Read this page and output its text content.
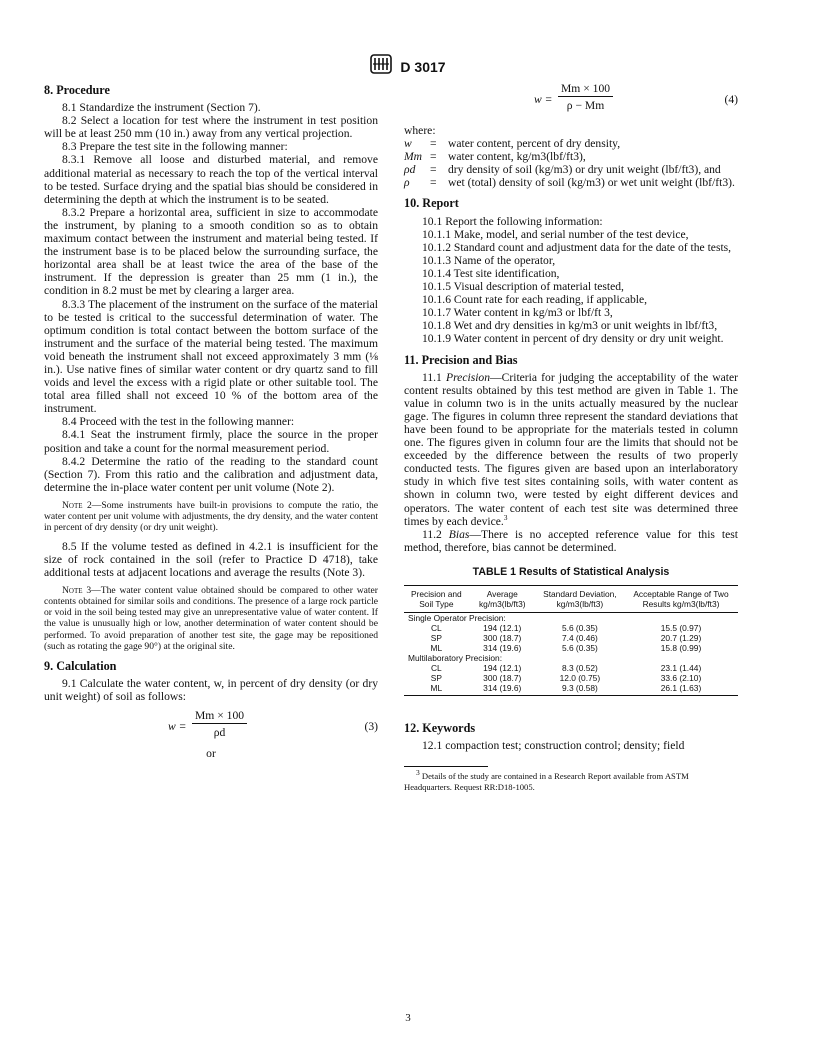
D 3017
8. Procedure

8.1 Standardize the instrument (Section 7).

8.2 Select a location for test where the instrument in test position will be at least 250 mm (10 in.) away from any vertical projection.

8.3 Prepare the test site in the following manner:

8.3.1 Remove all loose and disturbed material, and remove additional material as necessary to reach the top of the vertical interval to be tested. Surface drying and the spatial bias should be considered in determining the depth at which the instrument is to be seated.

8.3.2 Prepare a horizontal area, sufficient in size to accommodate the instrument, by planing to a smooth condition so as to obtain maximum contact between the instrument and material being tested. If the instrument base is to be placed below the surrounding surface, the horizontal area shall be at least twice the area of the base of the instrument. If the depression is greater than 25 mm (1 in.), the condition in 8.2 must be met by clearing a larger area.

8.3.3 The placement of the instrument on the surface of the material to be tested is critical to the successful determination of water. The optimum condition is total contact between the bottom surface of the instrument and the surface of the material being tested. The maximum void beneath the instrument shall not exceed approximately 3 mm (⅛ in.). Use native fines of similar water content or dry quartz sand to fill voids and level the excess with a rigid plate or other suitable tool. The total area filled shall not exceed 10 % of the bottom area of the instrument.

8.4 Proceed with the test in the following manner:

8.4.1 Seat the instrument firmly, place the source in the proper position and take a count for the normal measurement period.

8.4.2 Determine the ratio of the reading to the standard count (Section 7). From this ratio and the calibration and adjustment data, determine the in-place water content per unit volume (Note 2).

Note 2—Some instruments have built-in provisions to compute the ratio, the water content per unit volume with adjustments, the dry density, and the water content in percent of dry density (or dry unit weight).

8.5 If the volume tested as defined in 4.2.1 is insufficient for the size of rock contained in the soil (refer to Practice D 4718), take additional tests at adjacent locations and average the results (Note 3).

Note 3—The water content value obtained should be compared to other water contents obtained for similar soils and conditions. The presence of a large rock particle or void in the soil being tested may give an unrepresentative value of water content. If the value is unusually high or low, another determination of water content should be performed. To avoid preparation of another test site, the gage may be repositioned (such as rotating the gage 90°) at the original site.
9. Calculation

9.1 Calculate the water content, w, in percent of dry density (or dry unit weight) of soil as follows:

$w = \frac{Mm \times 100}{\rho d}$	(3)
or
$w = \frac{Mm \times 100}{\rho - Mm}$	(4)
where:
w	= water content, percent of dry density,
Mm = water content, kg/m3(lbf/ft3),
ρd	= dry density of soil (kg/m3) or dry unit weight (lbf/ft3), and
ρ	= wet (total) density of soil (kg/m3) or wet unit weight (lbf/ft3).
10. Report

10.1 Report the following information:

10.1.1 Make, model, and serial number of the test device,

10.1.2 Standard count and adjustment data for the date of the tests,

10.1.3 Name of the operator,

10.1.4 Test site identification,

10.1.5 Visual description of material tested,

10.1.6 Count rate for each reading, if applicable,

10.1.7 Water content in kg/m3 or lbf/ft 3,

10.1.8 Wet and dry densities in kg/m3 or unit weights in lbf/ft3,

10.1.9 Water content in percent of dry density or dry unit weight.

11. Precision and Bias

11.1 Precision—Criteria for judging the acceptability of the water content results obtained by this test method are given in Table 1. The value in column two is in the units actually measured by the nuclear gage. The figures in column three represent the standard deviations that have been found to be appropriate for the materials tested in column one. The figures given in column four are the limits that should not be exceeded by the difference between the results of two properly conducted tests. The figures given are based upon an interlaboratory study in which five test sites containing soils, with water content as shown in column two, were tested by eight different devices and operators. The water content of each test site was determined three times by each device.$^3$

11.2 Bias—There is no accepted reference value for this test method, therefore, bias cannot be determined.

TABLE 1 Results of Statistical Analysis
Precision and Soil Type	Average kg/m3(lb/ft3)	Standard Deviation, kg/m3(lb/ft3)	Acceptable Range of Two Results kg/m3(lb/ft3)
Single Operator Precision:			
CL	194 (12.1)	5.6 (0.35)	15.5 (0.97)
SP	300 (18.7)	7.4 (0.46)	20.7 (1.29)
ML	314 (19.6)	5.6 (0.35)	15.8 (0.99)
Multilaboratory Precision:			
CL	194 (12.1)	8.3 (0.52)	23.1 (1.44)
SP	300 (18.7)	12.0 (0.75)	33.6 (2.10)
ML	314 (19.6)	9.3 (0.58)	26.1 (1.63)
12. Keywords

12.1 compaction test; construction control; density; field

$^3$ Details of the study are contained in a Research Report available from ASTM Headquarters. Request RR:D18-1005.
3
